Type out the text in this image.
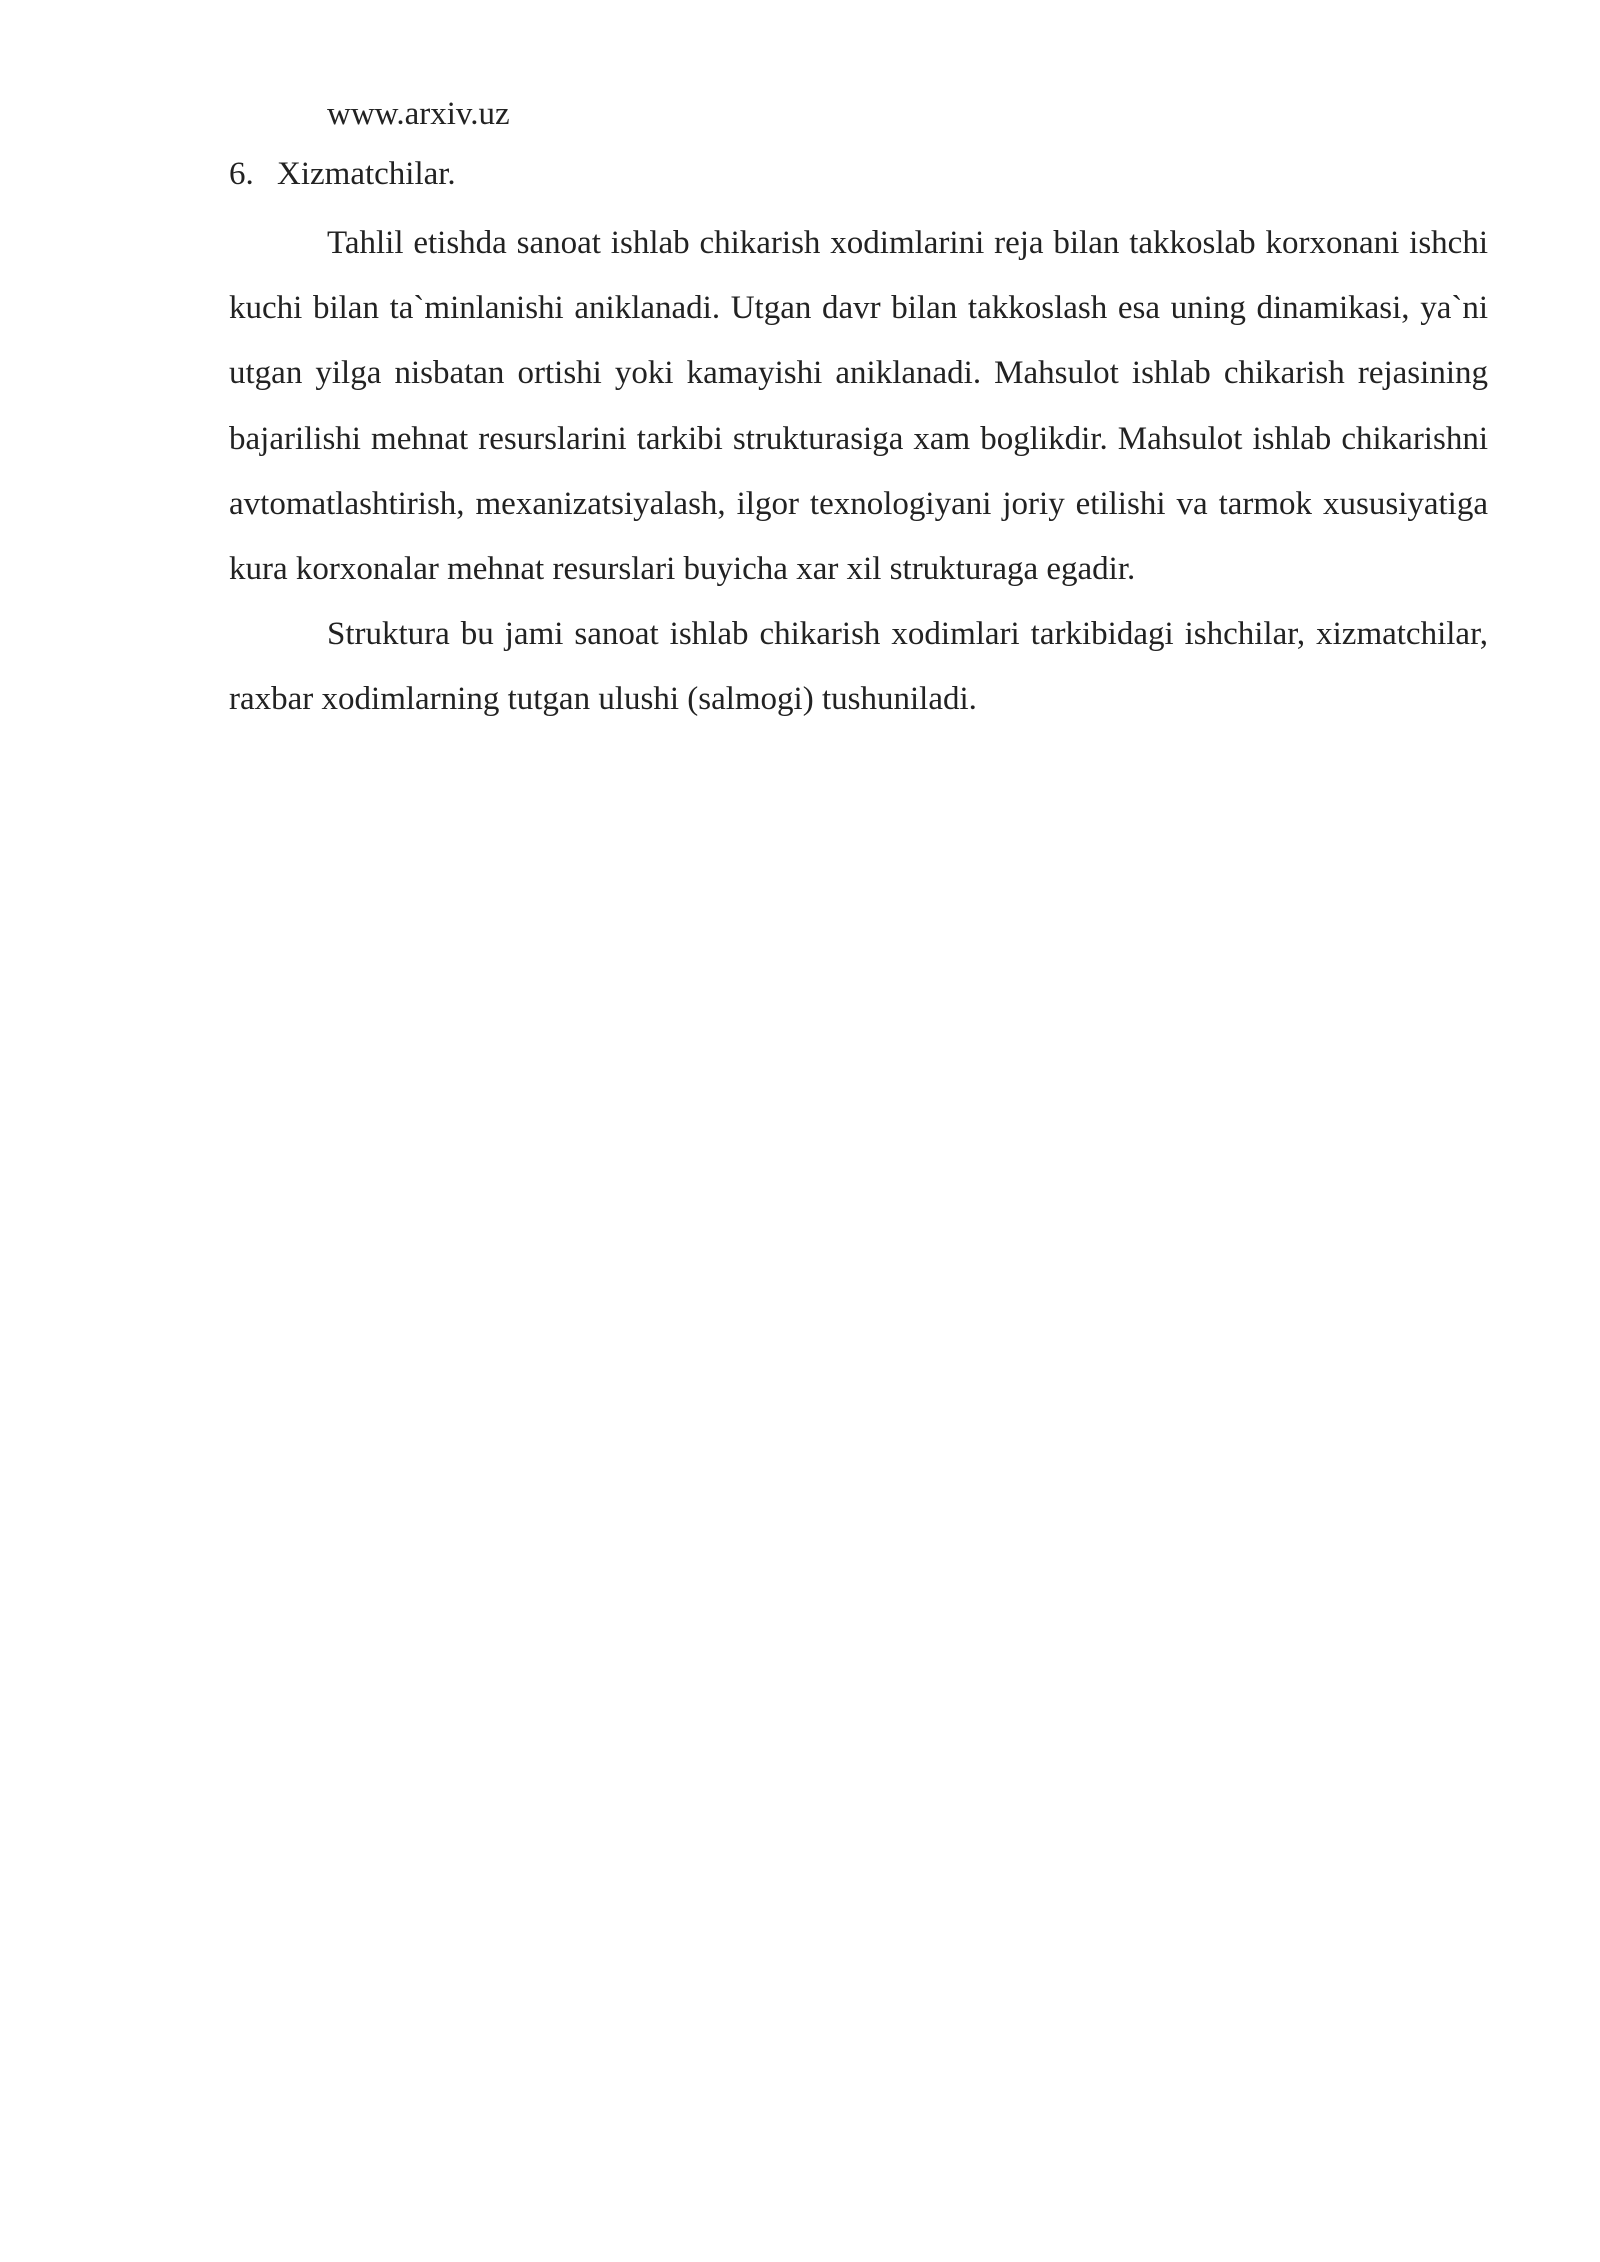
www.arxiv.uz
6. Xizmatchilar.

Tahlil etishda sanoat ishlab chikarish xodimlarini reja bilan takkoslab korxonani ishchi kuchi bilan ta`minlanishi aniklanadi. Utgan davr bilan takkoslash esa uning dinamikasi, ya`ni utgan yilga nisbatan ortishi yoki kamayishi aniklanadi. Mahsulot ishlab chikarish rejasining bajarilishi mehnat resurslarini tarkibi strukturasiga xam boglikdir. Mahsulot ishlab chikarishni avtomatlashtirish, mexanizatsiyalash, ilgor texnologiyani joriy etilishi va tarmok xususiyatiga kura korxonalar mehnat resurslari buyicha xar xil strukturaga egadir.

Struktura bu jami sanoat ishlab chikarish xodimlari tarkibidagi ishchilar, xizmatchilar, raxbar xodimlarning tutgan ulushi (salmogi) tushuniladi.
